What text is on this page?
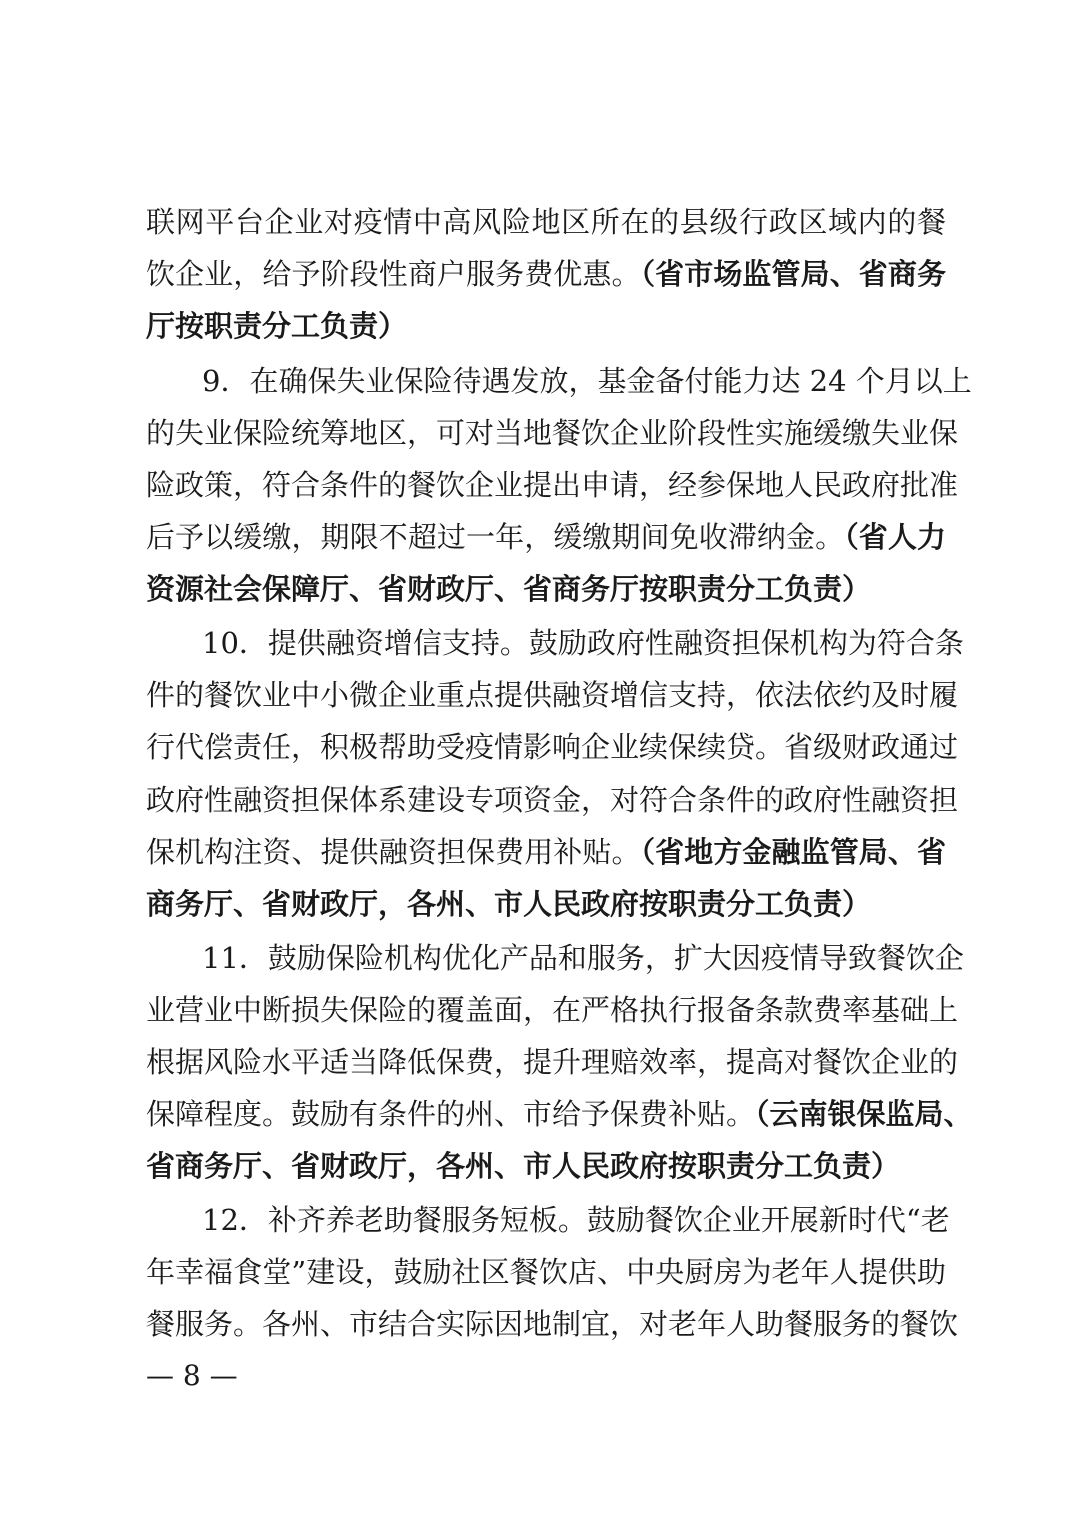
联网平台企业对疫情中高风险地区所在的县级行政区域内的餐
饮企业，给予阶段性商户服务费优惠。（省市场监管局、省商务
厅按职责分工负责）
9．在确保失业保险待遇发放，基金备付能力达 24 个月以上
的失业保险统筹地区，可对当地餐饮企业阶段性实施缓缴失业保
险政策，符合条件的餐饮企业提出申请，经参保地人民政府批准
后予以缓缴，期限不超过一年，缓缴期间免收滞纳金。（省人力
资源社会保障厅、省财政厅、省商务厅按职责分工负责）
10．提供融资增信支持。鼓励政府性融资担保机构为符合条
件的餐饮业中小微企业重点提供融资增信支持，依法依约及时履
行代偿责任，积极帮助受疫情影响企业续保续贷。省级财政通过
政府性融资担保体系建设专项资金，对符合条件的政府性融资担
保机构注资、提供融资担保费用补贴。（省地方金融监管局、省
商务厅、省财政厅，各州、市人民政府按职责分工负责）
11．鼓励保险机构优化产品和服务，扩大因疫情导致餐饮企
业营业中断损失保险的覆盖面，在严格执行报备条款费率基础上
根据风险水平适当降低保费，提升理赔效率，提高对餐饮企业的
保障程度。鼓励有条件的州、市给予保费补贴。（云南银保监局、
省商务厅、省财政厅，各州、市人民政府按职责分工负责）
12．补齐养老助餐服务短板。鼓励餐饮企业开展新时代“老
年幸福食堂”建设，鼓励社区餐饮店、中央厨房为老年人提供助
餐服务。各州、市结合实际因地制宜，对老年人助餐服务的餐饮
— 8 —
